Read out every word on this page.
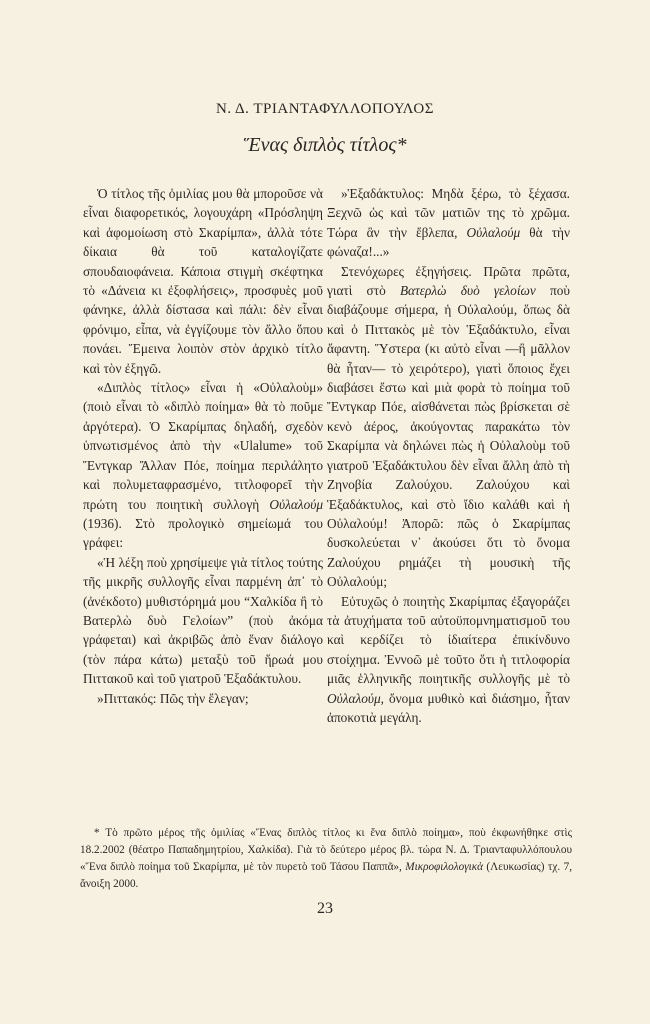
Ν. Δ. ΤΡΙΑΝΤΑΦΥΛΛΟΠΟΥΛΟΣ
Ἕνας διπλὸς τίτλος*

Ὁ τίτλος τῆς ὁμιλίας μου θὰ μποροῦσε νὰ εἶναι διαφορετικός, λογουχάρη «Πρόσληψη καὶ ἀφομοίωση στὸ Σκαρίμπα», ἀλλὰ τότε δίκαια θὰ τοῦ καταλογίζατε σπουδαιοφάνεια. Κάποια στιγμὴ σκέφτηκα τὸ «Δάνεια κι ἐξοφλήσεις», προσφυὲς μοῦ φάνηκε, ἀλλὰ δίστασα καὶ πάλι: δὲν εἶναι φρόνιμο, εἶπα, νὰ ἐγγίζουμε τὸν ἄλλο ὅπου πονάει. Ἔμεινα λοιπὸν στὸν ἀρχικὸ τίτλο καὶ τὸν ἐξηγῶ.

«Διπλὸς τίτλος» εἶναι ἡ «Οὐλαλοὺμ» (ποιὸ εἶναι τὸ «διπλὸ ποίημα» θὰ τὸ ποῦμε ἀργότερα). Ὁ Σκαρίμπας δηλαδή, σχεδὸν ὑπνωτισμένος ἀπὸ τὴν «Ulalume» τοῦ Ἔντγκαρ Ἄλλαν Πόε, ποίημα περιλάλητο καὶ πολυμεταφρασμένο, τιτλοφορεῖ τὴν πρώτη του ποιητικὴ συλλογὴ Οὐλαλούμ (1936). Στὸ προλογικὸ σημείωμά του γράφει:

«Ἡ λέξη ποὺ χρησίμεψε γιὰ τίτλος τούτης τῆς μικρῆς συλλογῆς εἶναι παρμένη ἀπ᾽ τὸ (ἀνέκδοτο) μυθιστόρημά μου “Χαλκίδα ἢ τὸ Βατερλὼ δυὸ Γελοίων” (ποὺ ἀκόμα γράφεται) καὶ ἀκριβῶς ἀπὸ ἕναν διάλογο (τὸν πάρα κάτω) μεταξὺ τοῦ ἥρωά μου Πιττακοῦ καὶ τοῦ γιατροῦ Ἑξαδάκτυλου.

»Πιττακός: Πῶς τὴν ἔλεγαν;

»Ἑξαδάκτυλος: Μηδὰ ξέρω, τὸ ξέχασα. Ξεχνῶ ὡς καὶ τῶν ματιῶν της τὸ χρῶμα. Τώρα ἂν τὴν ἔβλεπα, Οὐλαλούμ θὰ τὴν φώναζα!...»

Στενόχωρες ἐξηγήσεις. Πρῶτα πρῶτα, γιατὶ στὸ Βατερλὼ δυὸ γελοίων ποὺ διαβάζουμε σήμερα, ἡ Οὐλαλούμ, ὅπως δὰ καὶ ὁ Πιττακὸς μὲ τὸν Ἑξαδάκτυλο, εἶναι ἄφαντη. Ὕστερα (κι αὐτὸ εἶναι —ἢ μᾶλλον θὰ ἦταν— τὸ χειρότερο), γιατὶ ὅποιος ἔχει διαβάσει ἔστω καὶ μιὰ φορὰ τὸ ποίημα τοῦ Ἔντγκαρ Πόε, αἰσθάνεται πὼς βρίσκεται σὲ κενὸ ἀέρος, ἀκούγοντας παρακάτω τὸν Σκαρίμπα νὰ δηλώνει πὼς ἡ Οὐλαλοὺμ τοῦ γιατροῦ Ἑξαδάκτυλου δὲν εἶναι ἄλλη ἀπὸ τὴ Ζηνοβία Ζαλούχου. Ζαλούχου καὶ Ἑξαδάκτυλος, καὶ στὸ ἴδιο καλάθι καὶ ἡ Οὐλαλούμ! Ἀπορῶ: πῶς ὁ Σκαρίμπας δυσκολεύεται ν᾽ ἀκούσει ὅτι τὸ ὄνομα Ζαλούχου ρημάζει τὴ μουσικὴ τῆς Οὐλαλούμ;

Εὐτυχῶς ὁ ποιητὴς Σκαρίμπας ἐξαγοράζει τὰ ἀτυχήματα τοῦ αὐτοϋπομνηματισμοῦ του καὶ κερδίζει τὸ ἰδιαίτερα ἐπικίνδυνο στοίχημα. Ἐννοῶ μὲ τοῦτο ὅτι ἡ τιτλοφορία μιᾶς ἑλληνικῆς ποιητικῆς συλλογῆς μὲ τὸ Οὐλαλούμ, ὄνομα μυθικὸ καὶ διάσημο, ἦταν ἀποκοτιὰ μεγάλη.

* Τὸ πρῶτο μέρος τῆς ὁμιλίας «Ἕνας διπλὸς τίτλος κι ἕνα διπλὸ ποίημα», ποὺ ἐκφωνήθηκε στὶς 18.2.2002 (θέατρο Παπαδημητρίου, Χαλκίδα). Γιὰ τὸ δεύτερο μέρος βλ. τώρα Ν. Δ. Τριανταφυλλόπουλου «Ἕνα διπλὸ ποίημα τοῦ Σκαρίμπα, μὲ τὸν πυρετὸ τοῦ Τάσου Παππᾶ», Μικροφιλολογικὰ (Λευκωσίας) τχ. 7, ἄνοιξη 2000.
23
